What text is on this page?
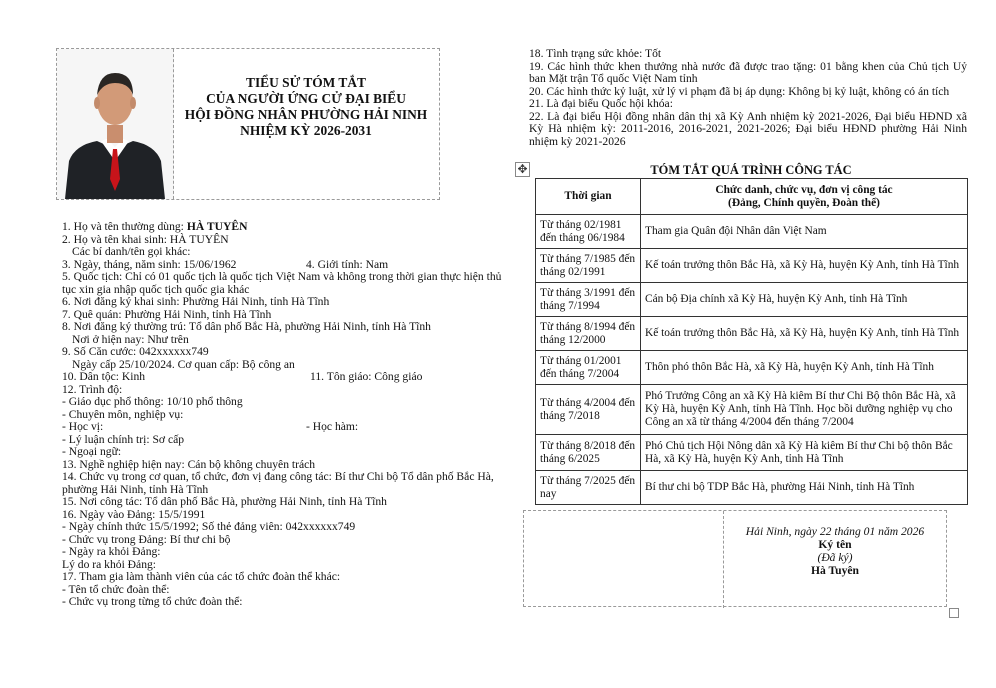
TIỂU SỬ TÓM TẮT
CỦA NGƯỜI ỨNG CỬ ĐẠI BIỂU
HỘI ĐỒNG NHÂN PHƯỜNG HẢI NINH
NHIỆM KỲ 2026-2031
1. Họ và tên thường dùng: HÀ TUYÊN
2. Họ và tên khai sinh: HÀ TUYÊN
Các bí danh/tên gọi khác:
3. Ngày, tháng, năm sinh: 15/06/1962	4. Giới tính: Nam
5. Quốc tịch: Chỉ có 01 quốc tịch là quốc tịch Việt Nam và không trong thời gian thực hiện thủ tục xin gia nhập quốc tịch quốc gia khác
6. Nơi đăng ký khai sinh: Phường Hải Ninh, tỉnh Hà Tĩnh
7. Quê quán: Phường Hải Ninh, tỉnh Hà Tĩnh
8. Nơi đăng ký thường trú: Tổ dân phố Bắc Hà, phường Hải Ninh, tỉnh Hà Tĩnh
Nơi ở hiện nay: Như trên
9. Số Căn cước: 042xxxxxx749
Ngày cấp 25/10/2024. Cơ quan cấp: Bộ công an
10. Dân tộc: Kinh	11. Tôn giáo: Công giáo
12. Trình độ:
- Giáo dục phổ thông: 10/10 phổ thông
- Chuyên môn, nghiệp vụ:
- Học vị:	- Học hàm:
- Lý luận chính trị: Sơ cấp
- Ngoại ngữ:
13. Nghề nghiệp hiện nay: Cán bộ không chuyên trách
14. Chức vụ trong cơ quan, tổ chức, đơn vị đang công tác: Bí thư Chi bộ Tổ dân phố Bắc Hà, phường Hải Ninh, tỉnh Hà Tĩnh
15. Nơi công tác: Tổ dân phố Bắc Hà, phường Hải Ninh, tỉnh Hà Tĩnh
16. Ngày vào Đảng: 15/5/1991
- Ngày chính thức 15/5/1992; Số thẻ đảng viên: 042xxxxxx749
- Chức vụ trong Đảng: Bí thư chi bộ
- Ngày ra khỏi Đảng:
Lý do ra khỏi Đảng:
17. Tham gia làm thành viên của các tổ chức đoàn thể khác:
- Tên tổ chức đoàn thể:
- Chức vụ trong từng tổ chức đoàn thể:
18. Tình trạng sức khỏe: Tốt
19. Các hình thức khen thưởng nhà nước đã được trao tặng: 01 bằng khen của Chủ tịch Uỷ ban Mặt trận Tổ quốc Việt Nam tỉnh
20. Các hình thức kỷ luật, xử lý vi phạm đã bị áp dụng: Không bị kỷ luật, không có án tích
21. Là đại biểu Quốc hội khóa:
22. Là đại biểu Hội đồng nhân dân thị xã Kỳ Anh nhiệm kỳ 2021-2026, Đại biểu HĐND xã Kỳ Hà nhiệm kỳ: 2011-2016, 2016-2021, 2021-2026; Đại biểu HĐND phường Hải Ninh nhiệm kỳ 2021-2026
✥	TÓM TẮT QUÁ TRÌNH CÔNG TÁC
Thời gian	Chức danh, chức vụ, đơn vị công tác
(Đảng, Chính quyền, Đoàn thể)

Từ tháng 02/1981 đến tháng 06/1984	Tham gia Quân đội Nhân dân Việt Nam
Từ tháng 7/1985 đến tháng 02/1991	Kế toán trưởng thôn Bắc Hà, xã Kỳ Hà, huyện Kỳ Anh, tỉnh Hà Tĩnh
Từ tháng 3/1991 đến tháng 7/1994	Cán bộ Địa chính xã Kỳ Hà, huyện Kỳ Anh, tỉnh Hà Tĩnh
Từ tháng 8/1994 đến tháng 12/2000	Kế toán trưởng thôn Bắc Hà, xã Kỳ Hà, huyện Kỳ Anh, tỉnh Hà Tĩnh
Từ tháng 01/2001 đến tháng 7/2004	Thôn phó thôn Bắc Hà, xã Kỳ Hà, huyện Kỳ Anh, tỉnh Hà Tĩnh
Từ tháng 4/2004 đến tháng 7/2018	Phó Trưởng Công an xã Kỳ Hà kiêm Bí thư Chi Bộ thôn Bắc Hà, xã Kỳ Hà, huyện Kỳ Anh, tỉnh Hà Tĩnh. Học bồi dưỡng nghiệp vụ cho Công an xã từ tháng 4/2004 đến tháng 7/2004
Từ tháng 8/2018 đến tháng 6/2025	Phó Chủ tịch Hội Nông dân xã Kỳ Hà kiêm Bí thư Chi bộ thôn Bắc Hà, xã Kỳ Hà, huyện Kỳ Anh, tỉnh Hà Tĩnh
Từ tháng 7/2025 đến nay	Bí thư chi bộ TDP Bắc Hà, phường Hải Ninh, tỉnh Hà Tĩnh
Hải Ninh, ngày 22 tháng 01 năm 2026
Ký tên
(Đã ký)
Hà Tuyên
